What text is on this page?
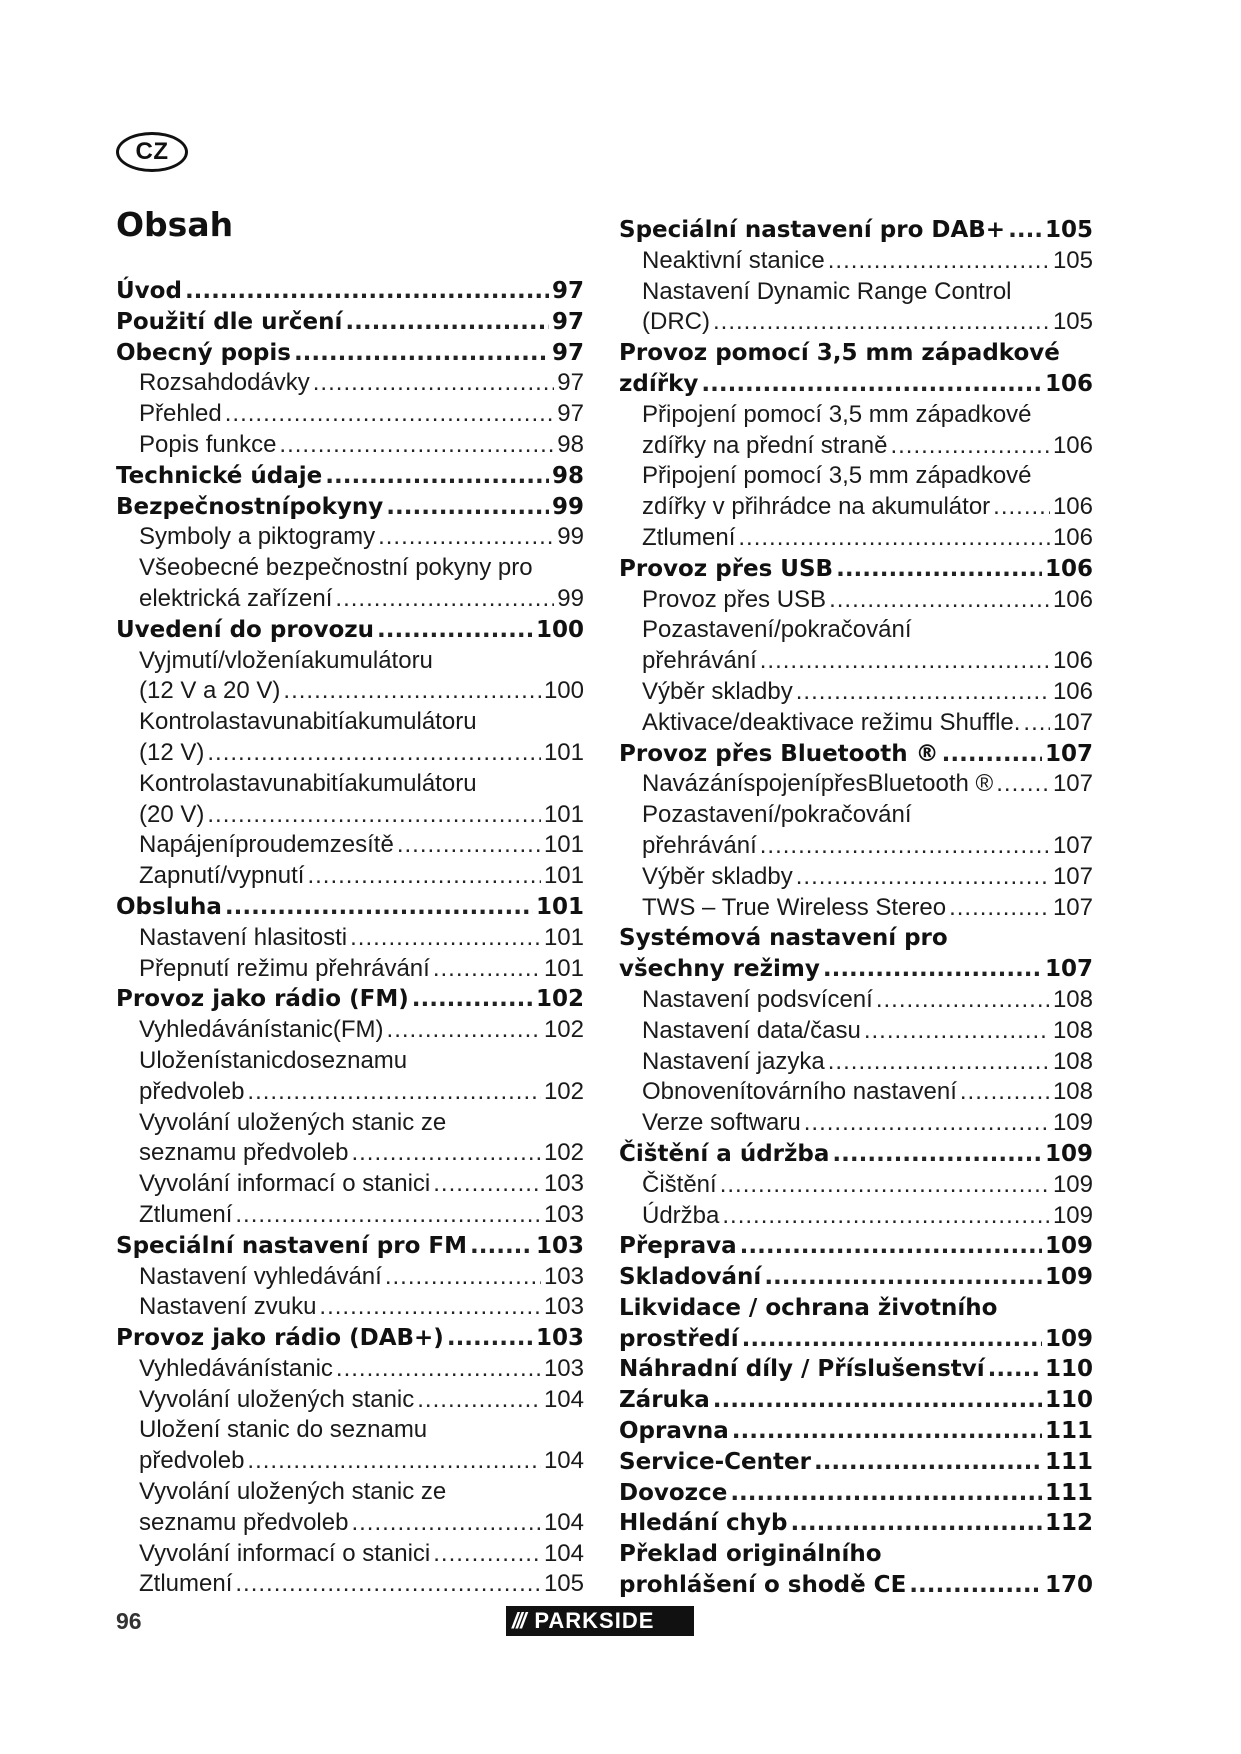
CZ
Obsah
Úvod .....	97
Použití dle určení .....	97
Obecný popis .....	97
Rozsahdodávky .....	97
Přehled .....	97
Popis funkce .....	98
Technické údaje .....	98
Bezpečnostnípokyny .....	99
Symboly a piktogramy .....	99
Všeobecné bezpečnostní pokyny pro
elektrická zařízení .....	99
Uvedení do provozu .....	100
Vyjmutí/vloženíakumulátoru
(12 V a 20 V) .....	100
Kontrolastavunabitíakumulátoru
(12 V) .....	101
Kontrolastavunabitíakumulátoru
(20 V) .....	101
Napájeníproudemzesítě .....	101
Zapnutí/vypnutí .....	101
Obsluha .....	101
Nastavení hlasitosti .....	101
Přepnutí režimu přehrávání .....	101
Provoz jako rádio (FM) .....	102
Vyhledávánístanic(FM) .....	102
Uloženístanicdoseznamu
předvoleb .....	102
Vyvolání uložených stanic ze
seznamu předvoleb .....	102
Vyvolání informací o stanici .....	103
Ztlumení .....	103
Speciální nastavení pro FM .....	103
Nastavení vyhledávání .....	103
Nastavení zvuku .....	103
Provoz jako rádio (DAB+) .....	103
Vyhledávánístanic .....	103
Vyvolání uložených stanic .....	104
Uložení stanic do seznamu
předvoleb .....	104
Vyvolání uložených stanic ze
seznamu předvoleb .....	104
Vyvolání informací o stanici .....	104
Ztlumení .....	105
Speciální nastavení pro DAB+ ..... 105
Neaktivní stanice .....	105
Nastavení Dynamic Range Control
(DRC) .....	105
Provoz pomocí 3,5 mm západkové
zdířky .....	106
Připojení pomocí 3,5 mm západkové
zdířky na přední straně .....	106
Připojení pomocí 3,5 mm západkové
zdířky v přihrádce na akumulátor .....	106
Ztlumení .....	106
Provoz přes USB .....	106
Provoz přes USB .....	106
Pozastavení/pokračování
přehrávání .....	106
Výběr skladby .....	106
Aktivace/deaktivace režimu Shuffle. ..... 107
Provoz přes Bluetooth ® .....	107
NavázáníspojenípřesBluetooth ® ..... 107
Pozastavení/pokračování
přehrávání .....	107
Výběr skladby .....	107
TWS – True Wireless Stereo .....	107
Systémová nastavení pro
všechny režimy .....	107
Nastavení podsvícení .....	108
Nastavení data/času .....	108
Nastavení jazyka .....	108
Obnovenítovárního nastavení .....	108
Verze softwaru .....	109
Čištění a údržba .....	109
Čištění .....	109
Údržba .....	109
Přeprava .....	109
Skladování .....	109
Likvidace / ochrana životního
prostředí .....	109
Náhradní díly / Příslušenství .....	110
Záruka .....	110
Opravna .....	111
Service-Center .....	111
Dovozce .....	111
Hledání chyb .....	112
Překlad originálního
prohlášení o shodě CE .....	170
96	/// PARKSIDE
